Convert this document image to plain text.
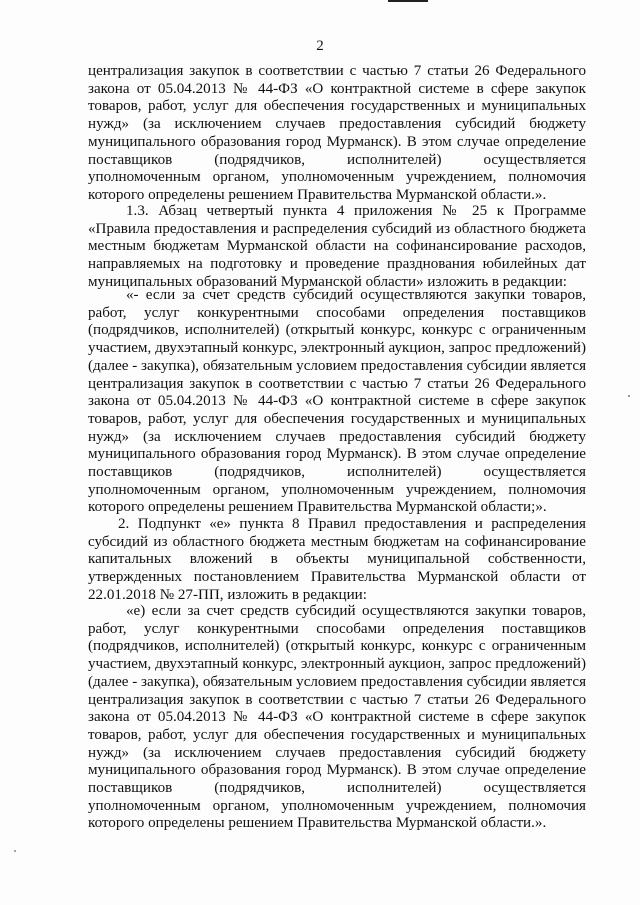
2

централизация закупок в соответствии с частью 7 статьи 26 Федерального закона от 05.04.2013 № 44-ФЗ «О контрактной системе в сфере закупок товаров, работ, услуг для обеспечения государственных и муниципальных нужд» (за исключением случаев предоставления субсидий бюджету муниципального образования город Мурманск). В этом случае определение поставщиков (подрядчиков, исполнителей) осуществляется уполномоченным органом, уполномоченным учреждением, полномочия которого определены решением Правительства Мурманской области.».

1.3. Абзац четвертый пункта 4 приложения № 25 к Программе «Правила предоставления и распределения субсидий из областного бюджета местным бюджетам Мурманской области на софинансирование расходов, направляемых на подготовку и проведение празднования юбилейных дат муниципальных образований Мурманской области» изложить в редакции:

«- если за счет средств субсидий осуществляются закупки товаров, работ, услуг конкурентными способами определения поставщиков (подрядчиков, исполнителей) (открытый конкурс, конкурс с ограниченным участием, двухэтапный конкурс, электронный аукцион, запрос предложений) (далее - закупка), обязательным условием предоставления субсидии является централизация закупок в соответствии с частью 7 статьи 26 Федерального закона от 05.04.2013 № 44-ФЗ «О контрактной системе в сфере закупок товаров, работ, услуг для обеспечения государственных и муниципальных нужд» (за исключением случаев предоставления субсидий бюджету муниципального образования город Мурманск). В этом случае определение поставщиков (подрядчиков, исполнителей) осуществляется уполномоченным органом, уполномоченным учреждением, полномочия которого определены решением Правительства Мурманской области;».

2. Подпункт «е» пункта 8 Правил предоставления и распределения субсидий из областного бюджета местным бюджетам на софинансирование капитальных вложений в объекты муниципальной собственности, утвержденных постановлением Правительства Мурманской области от 22.01.2018 № 27-ПП, изложить в редакции:

«е) если за счет средств субсидий осуществляются закупки товаров, работ, услуг конкурентными способами определения поставщиков (подрядчиков, исполнителей) (открытый конкурс, конкурс с ограниченным участием, двухэтапный конкурс, электронный аукцион, запрос предложений) (далее - закупка), обязательным условием предоставления субсидии является централизация закупок в соответствии с частью 7 статьи 26 Федерального закона от 05.04.2013 № 44-ФЗ «О контрактной системе в сфере закупок товаров, работ, услуг для обеспечения государственных и муниципальных нужд» (за исключением случаев предоставления субсидий бюджету муниципального образования город Мурманск). В этом случае определение поставщиков (подрядчиков, исполнителей) осуществляется уполномоченным органом, уполномоченным учреждением, полномочия которого определены решением Правительства Мурманской области.».
